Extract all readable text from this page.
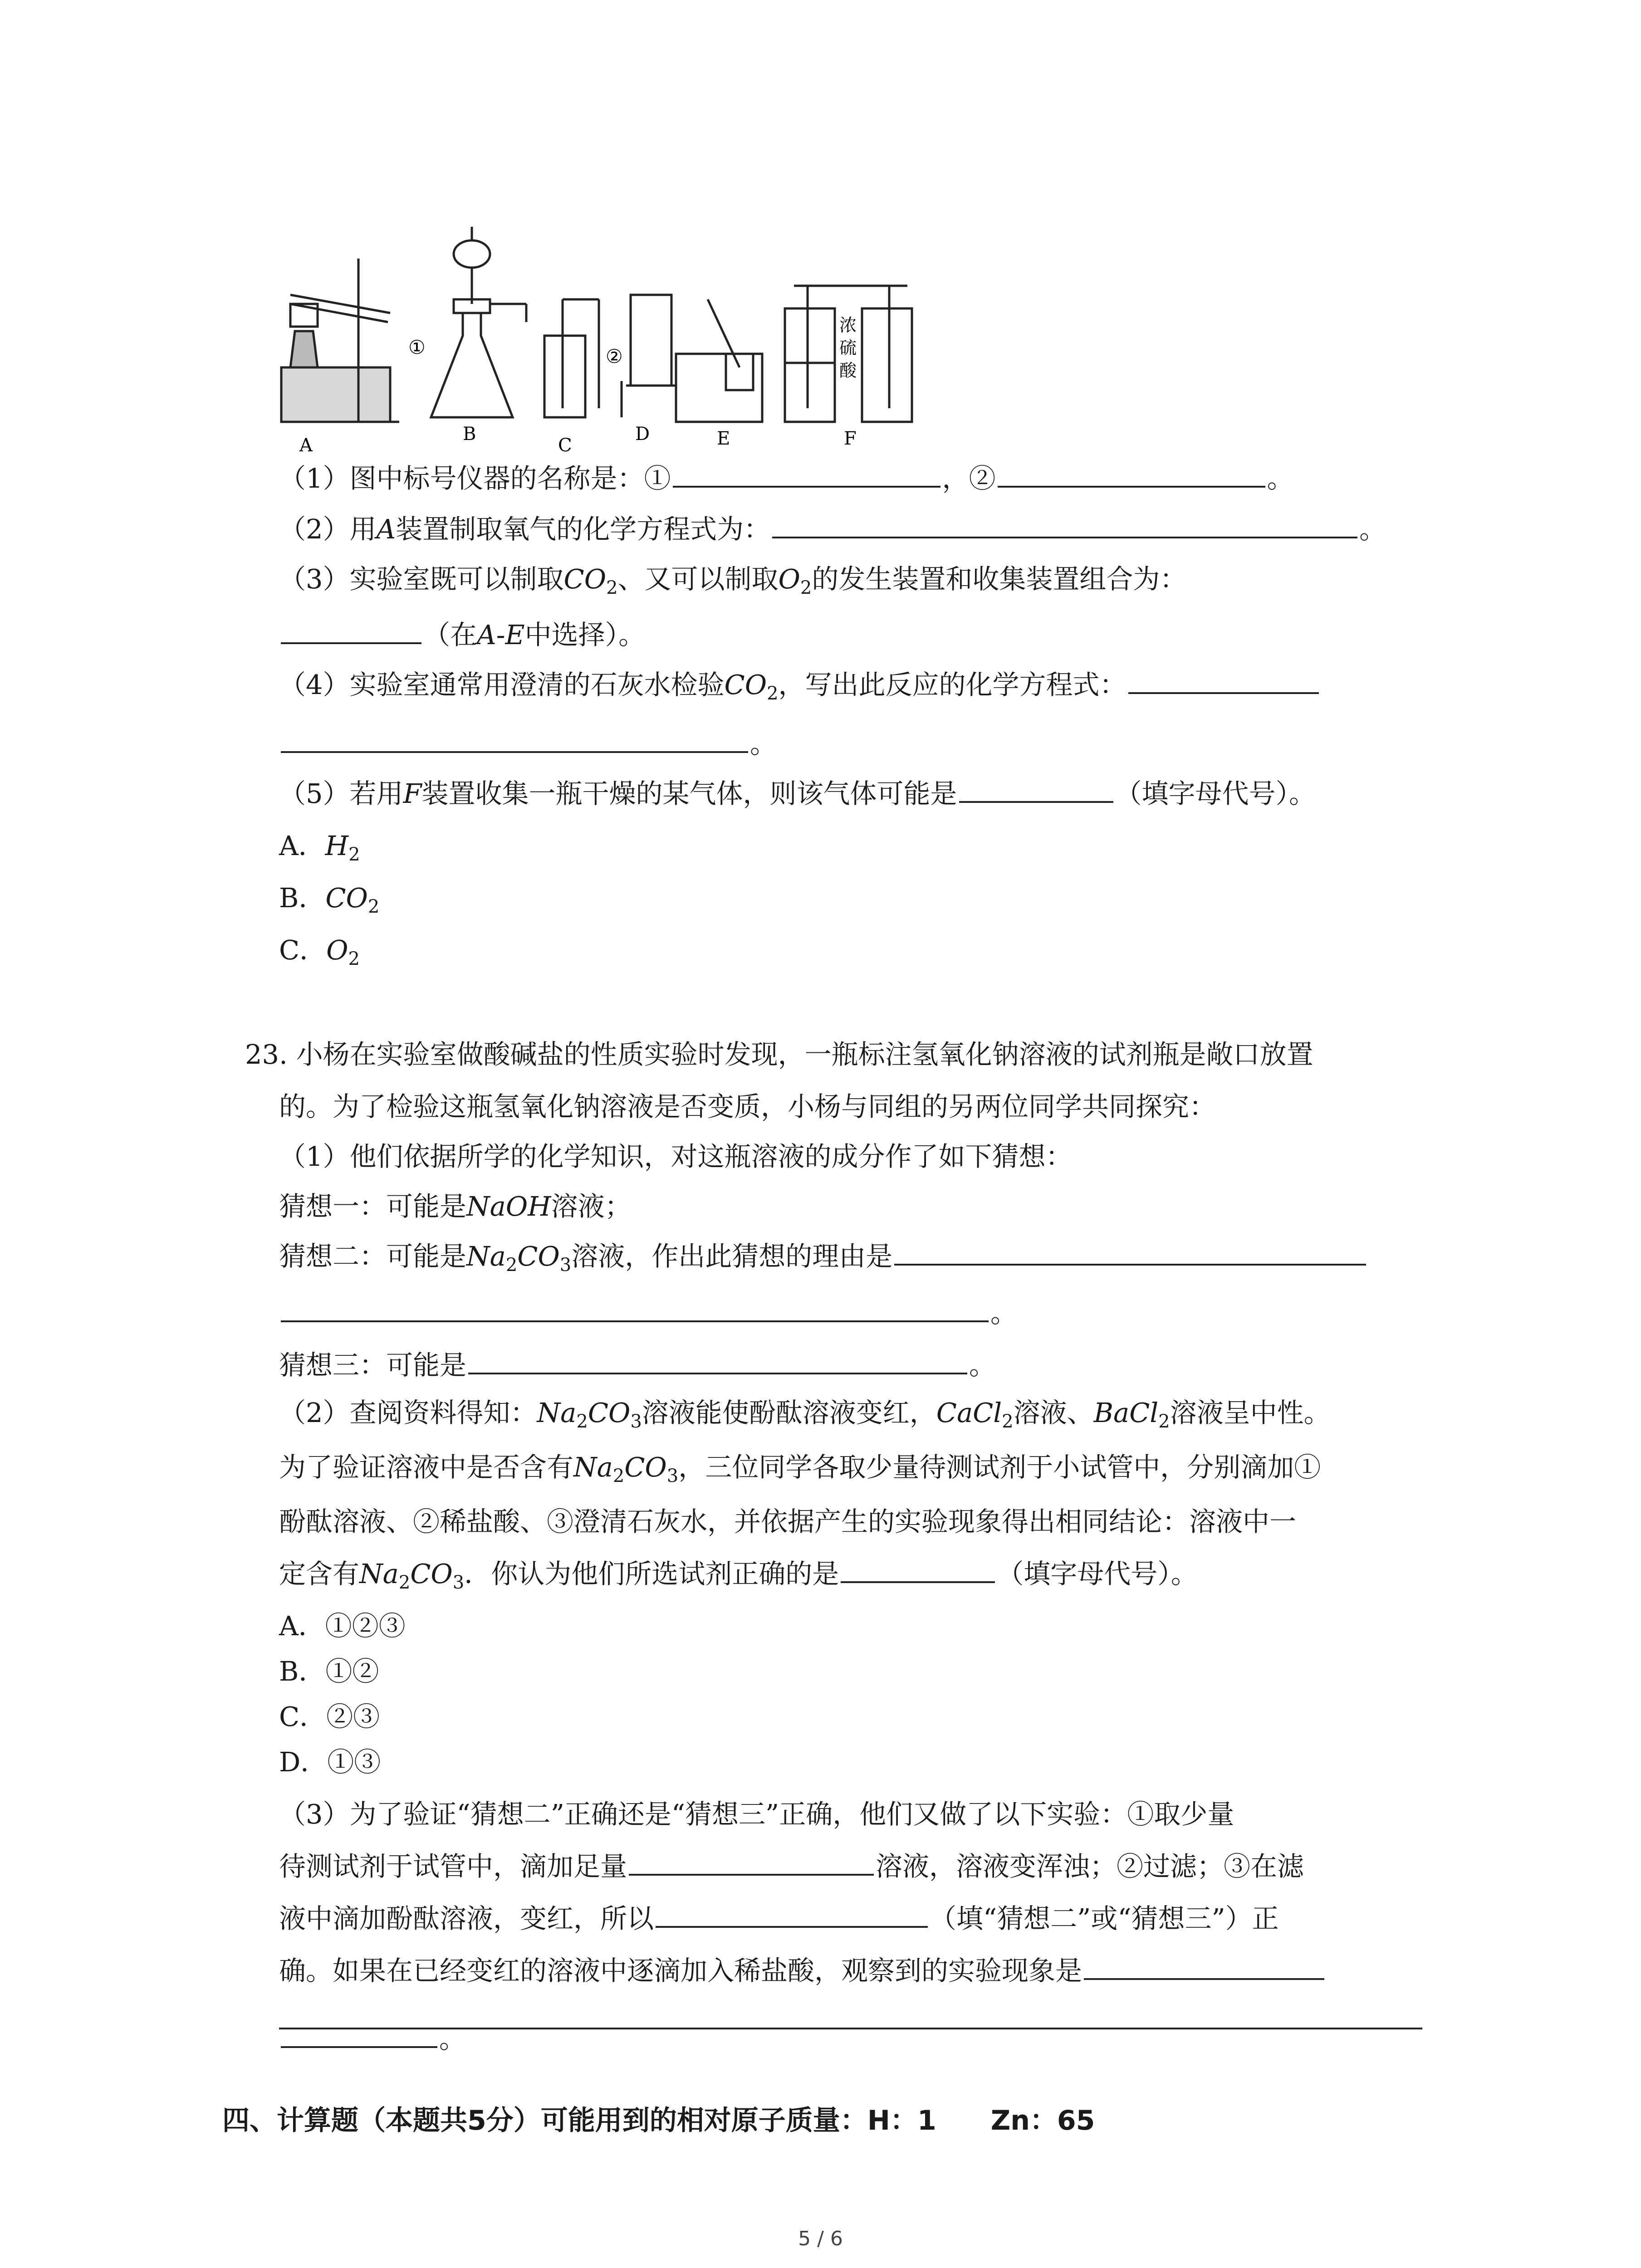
A
B
C
D	E	F
①	②
浓
硫
酸
（1）图中标号仪器的名称是：①	，②	。
（2）用A装置制取氧气的化学方程式为：	。
（3）实验室既可以制取$CO_2$、又可以制取$O_2$的发生装置和收集装置组合为：
（在A-E中选择）。
（4）实验室通常用澄清的石灰水检验$CO_2$，写出此反应的化学方程式：
。
（5）若用F装置收集一瓶干燥的某气体，则该气体可能是	（填字母代号）。
A．$H_2$
B．$CO_2$
C．$O_2$
23. 小杨在实验室做酸碱盐的性质实验时发现，一瓶标注氢氧化钠溶液的试剂瓶是敞口放置
的。为了检验这瓶氢氧化钠溶液是否变质，小杨与同组的另两位同学共同探究：
（1）他们依据所学的化学知识，对这瓶溶液的成分作了如下猜想：
猜想一：可能是NaOH溶液；
猜想二：可能是$Na_2CO_3$溶液，作出此猜想的理由是
。
猜想三：可能是	。
（2）查阅资料得知：$Na_2CO_3$溶液能使酚酞溶液变红，CaCl$_2$溶液、BaCl$_2$溶液呈中性。
为了验证溶液中是否含有$Na_2CO_3$，三位同学各取少量待测试剂于小试管中，分别滴加①
酚酞溶液、②稀盐酸、③澄清石灰水，并依据产生的实验现象得出相同结论：溶液中一
定含有$Na_2CO_3$．你认为他们所选试剂正确的是	（填字母代号）。
A．①②③
B．①②
C．②③
D．①③
（3）为了验证“猜想二”正确还是“猜想三”正确，他们又做了以下实验：①取少量
待测试剂于试管中，滴加足量	溶液，溶液变浑浊；②过滤；③在滤
液中滴加酚酞溶液，变红，所以	（填“猜想二”或“猜想三”）正
确。如果在已经变红的溶液中逐滴加入稀盐酸，观察到的实验现象是
。
四、计算题（本题共5分）可能用到的相对原子质量：H：1　　Zn：65
5 / 6
